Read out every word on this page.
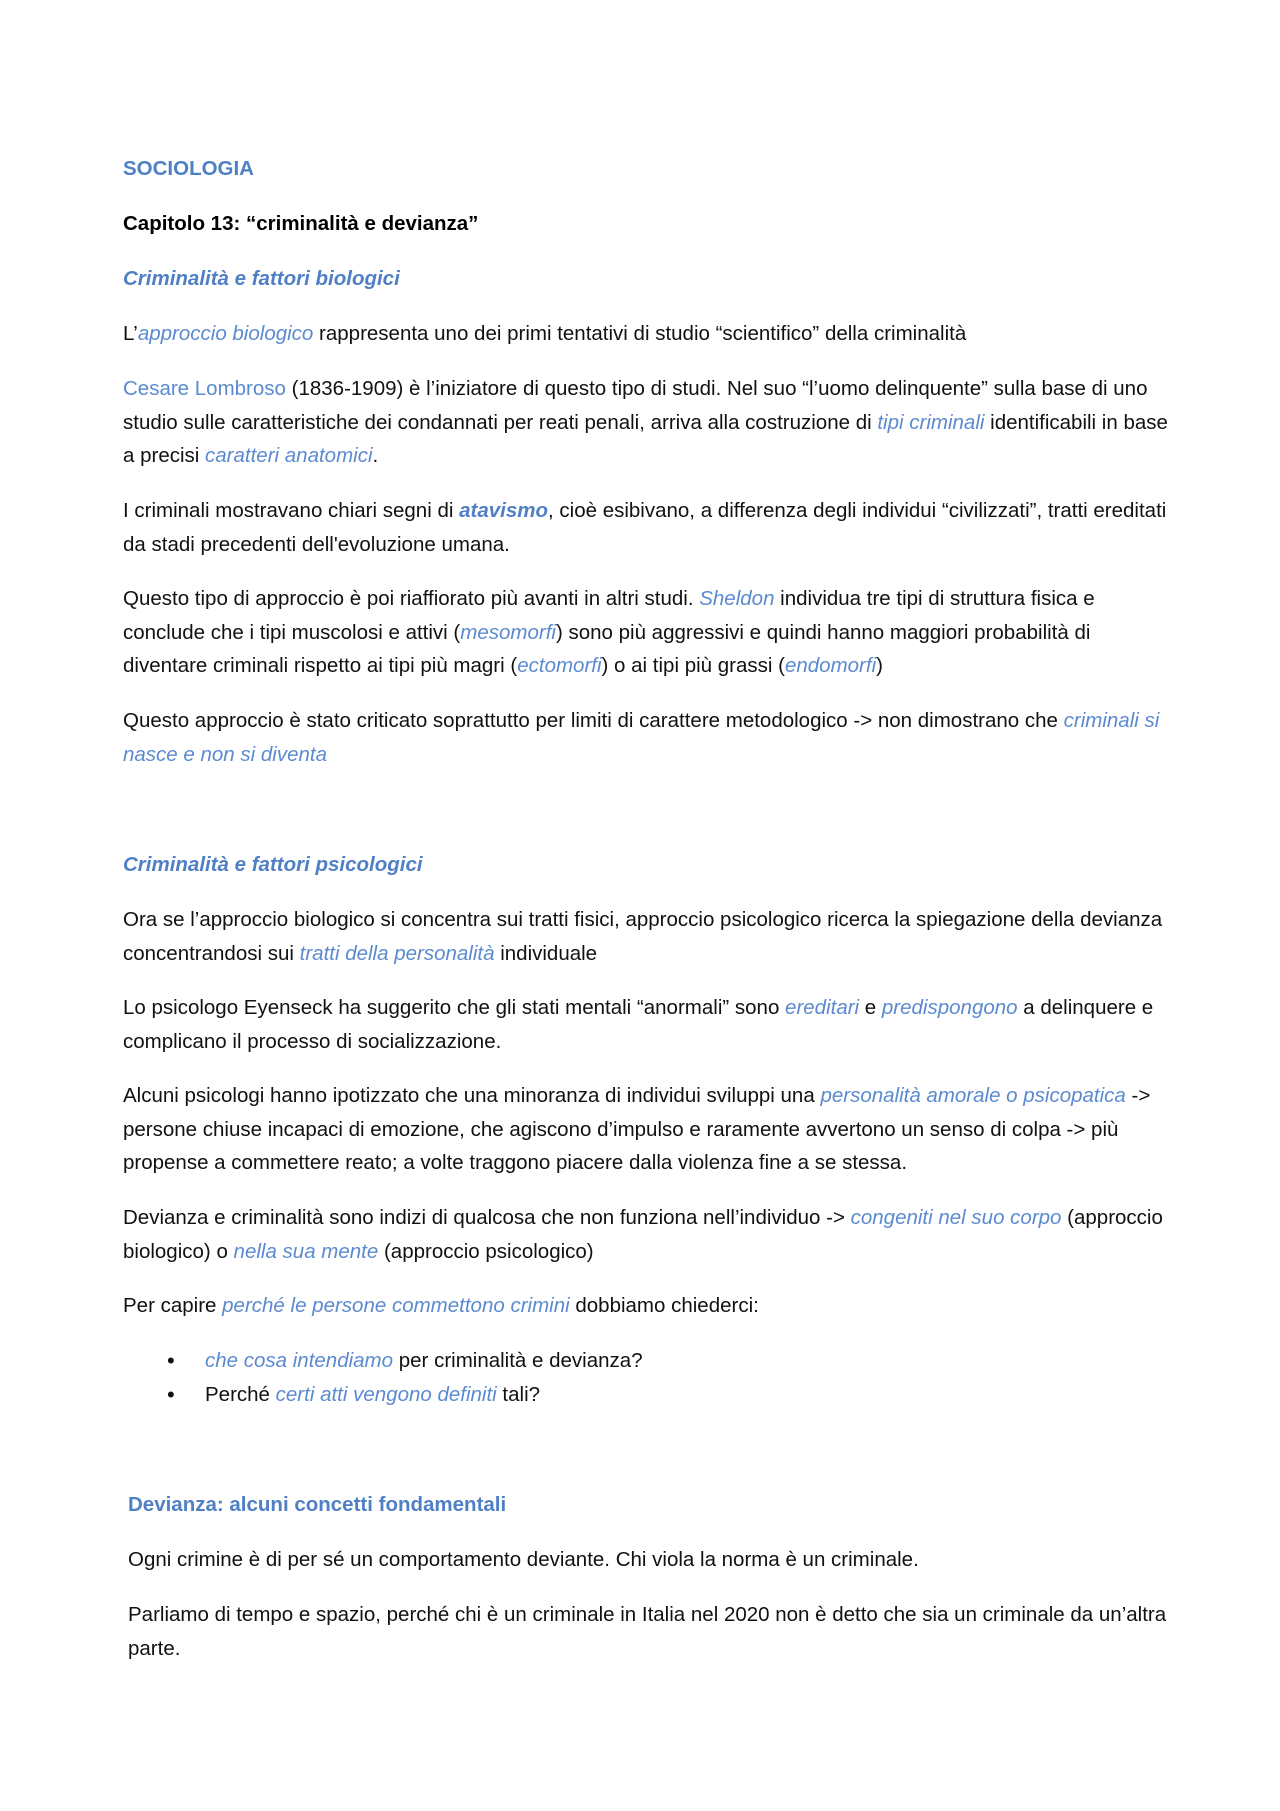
SOCIOLOGIA
Capitolo 13: “criminalità e devianza”
Criminalità e fattori biologici

L’approccio biologico rappresenta uno dei primi tentativi di studio “scientifico” della criminalità

Cesare Lombroso (1836-1909) è l’iniziatore di questo tipo di studi. Nel suo “l’uomo delinquente” sulla base di uno studio sulle caratteristiche dei condannati per reati penali, arriva alla costruzione di tipi criminali identificabili in base a precisi caratteri anatomici.

I criminali mostravano chiari segni di atavismo, cioè esibivano, a differenza degli individui “civilizzati”, tratti ereditati da stadi precedenti dell'evoluzione umana.

Questo tipo di approccio è poi riaffiorato più avanti in altri studi. Sheldon individua tre tipi di struttura fisica e conclude che i tipi muscolosi e attivi (mesomorfi) sono più aggressivi e quindi hanno maggiori probabilità di diventare criminali rispetto ai tipi più magri (ectomorfi) o ai tipi più grassi (endomorfi)

Questo approccio è stato criticato soprattutto per limiti di carattere metodologico -> non dimostrano che criminali si nasce e non si diventa

Criminalità e fattori psicologici

Ora se l’approccio biologico si concentra sui tratti fisici, approccio psicologico ricerca la spiegazione della devianza concentrandosi sui tratti della personalità individuale

Lo psicologo Eyenseck ha suggerito che gli stati mentali “anormali” sono ereditari e predispongono a delinquere e complicano il processo di socializzazione.

Alcuni psicologi hanno ipotizzato che una minoranza di individui sviluppi una personalità amorale o psicopatica -> persone chiuse incapaci di emozione, che agiscono d’impulso e raramente avvertono un senso di colpa -> più propense a commettere reato; a volte traggono piacere dalla violenza fine a se stessa.

Devianza e criminalità sono indizi di qualcosa che non funziona nell’individuo -> congeniti nel suo corpo (approccio biologico) o nella sua mente (approccio psicologico)

Per capire perché le persone commettono crimini dobbiamo chiederci:

• che cosa intendiamo per criminalità e devianza?
• Perché certi atti vengono definiti tali?
Devianza: alcuni concetti fondamentali

Ogni crimine è di per sé un comportamento deviante. Chi viola la norma è un criminale.

Parliamo di tempo e spazio, perché chi è un criminale in Italia nel 2020 non è detto che sia un criminale da un’altra parte.
